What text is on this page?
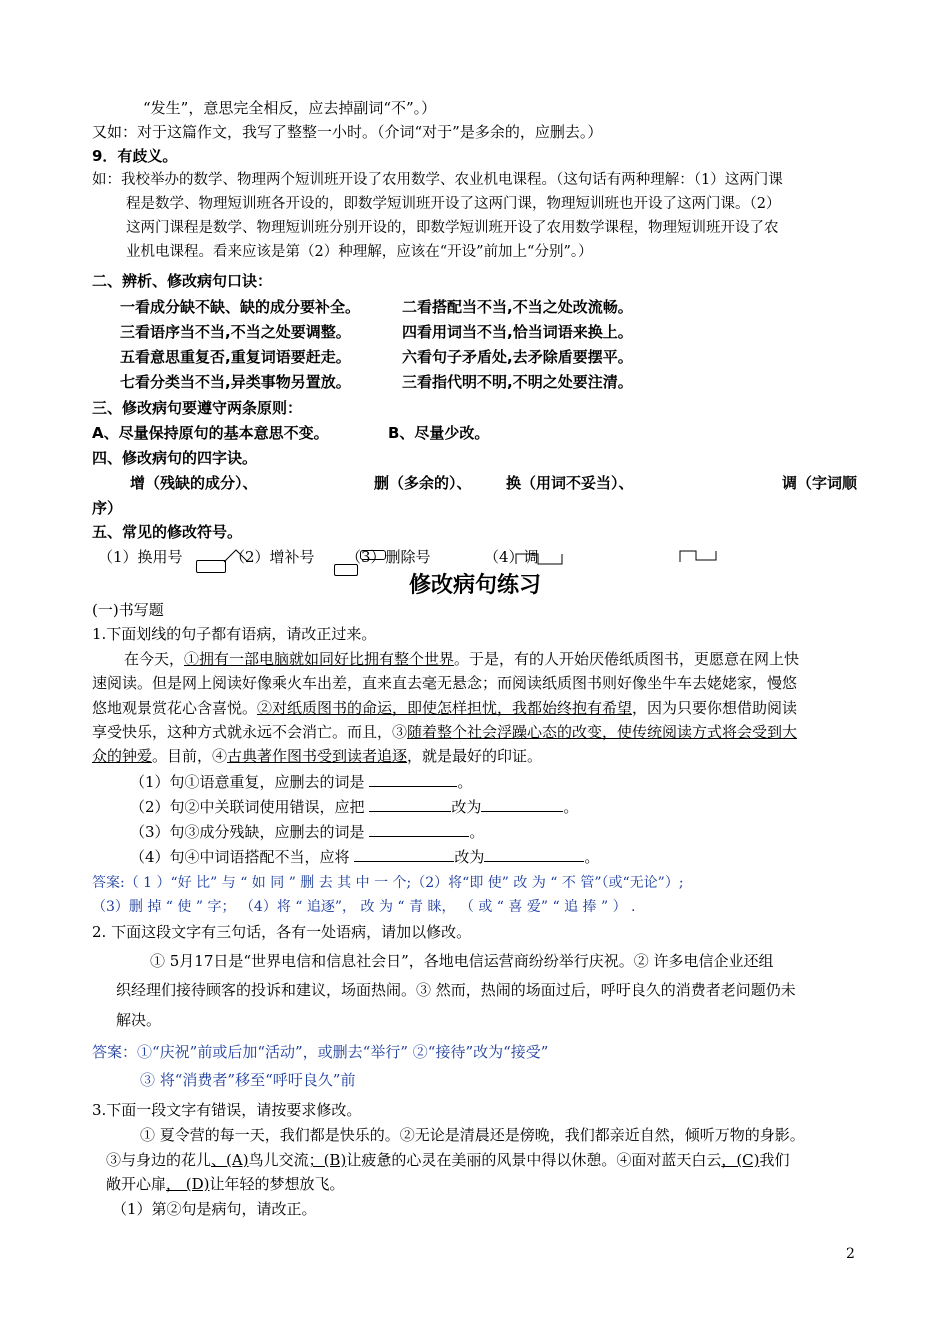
“发生”，意思完全相反，应去掉副词“不”。）
又如：对于这篇作文，我写了整整一小时。（介词“对于”是多余的，应删去。）
9．有歧义。
如：我校举办的数学、物理两个短训班开设了农用数学、农业机电课程。（这句话有两种理解：（1）这两门课
程是数学、物理短训班各开设的，即数学短训班开设了这两门课，物理短训班也开设了这两门课。（2）
这两门课程是数学、物理短训班分别开设的，即数学短训班开设了农用数学课程，物理短训班开设了农
业机电课程。看来应该是第（2）种理解，应该在“开设”前加上“分别”。）
二、辨析、修改病句口诀：
一看成分缺不缺、缺的成分要补全。	二看搭配当不当,不当之处改流畅。
三看语序当不当,不当之处要调整。	四看用词当不当,恰当词语来换上。
五看意思重复否,重复词语要赶走。	六看句子矛盾处,去矛除盾要摆平。
七看分类当不当,异类事物另置放。	三看指代明不明,不明之处要注清。
三、修改病句要遵守两条原则：
A、尽量保持原句的基本意思不变。	B、尽量少改。
四、修改病句的四字诀。
增（残缺的成分）、	删（多余的）、 换（用词不妥当）、	调（字词顺
序）
五、常见的修改符号。
（1）换用号	（2）增补号 （3）删除号	（4）调
修改病句练习
(一)书写题
1.下面划线的句子都有语病，请改正过来。
在今天，①拥有一部电脑就如同好比拥有整个世界。于是，有的人开始厌倦纸质图书，更愿意在网上快
速阅读。但是网上阅读好像乘火车出差，直来直去毫无悬念；而阅读纸质图书则好像坐牛车去姥姥家，慢悠
悠地观景赏花心含喜悦。②对纸质图书的命运，即使怎样担忧，我都始终抱有希望，因为只要你想借助阅读
享受快乐，这种方式就永远不会消亡。而且，③随着整个社会浮躁心态的改变，使传统阅读方式将会受到大
众的钟爱。目前，④古典著作图书受到读者追逐，就是最好的印证。
（1）句①语意重复，应删去的词是	。
（2）句②中关联词使用错误，应把	改为	。
（3）句③成分残缺，应删去的词是	。
（4）句④中词语搭配不当，应将	改为	。
答案:（ 1 ）“好 比” 与 “ 如 同 ” 删 去 其 中 一 个;（2）将“即 使” 改 为 “ 不 管”（或“无论”）;
（3）删 掉 “ 使 ” 字； （4）将 “ 追逐”， 改 为 “ 青 睐， （ 或 “ 喜 爱” “ 追 捧 ” ） .
2. 下面这段文字有三句话，各有一处语病，请加以修改。
① 5月17日是“世界电信和信息社会日”，各地电信运营商纷纷举行庆祝。② 许多电信企业还组
织经理们接待顾客的投诉和建议，场面热闹。③ 然而，热闹的场面过后，呼吁良久的消费者老问题仍未
解决。
答案：①“庆祝”前或后加“活动”，或删去“举行” ②“接待”改为“接受”
③ 将“消费者”移至“呼吁良久”前
3.下面一段文字有错误，请按要求修改。
① 夏令营的每一天，我们都是快乐的。②无论是清晨还是傍晚，我们都亲近自然，倾听万物的身影。
③与身边的花儿、(A)鸟儿交流；(B)让疲惫的心灵在美丽的风景中得以休憩。④面对蓝天白云，(C)我们
敞开心扉， (D)让年轻的梦想放飞。
（1）第②句是病句，请改正。
2
